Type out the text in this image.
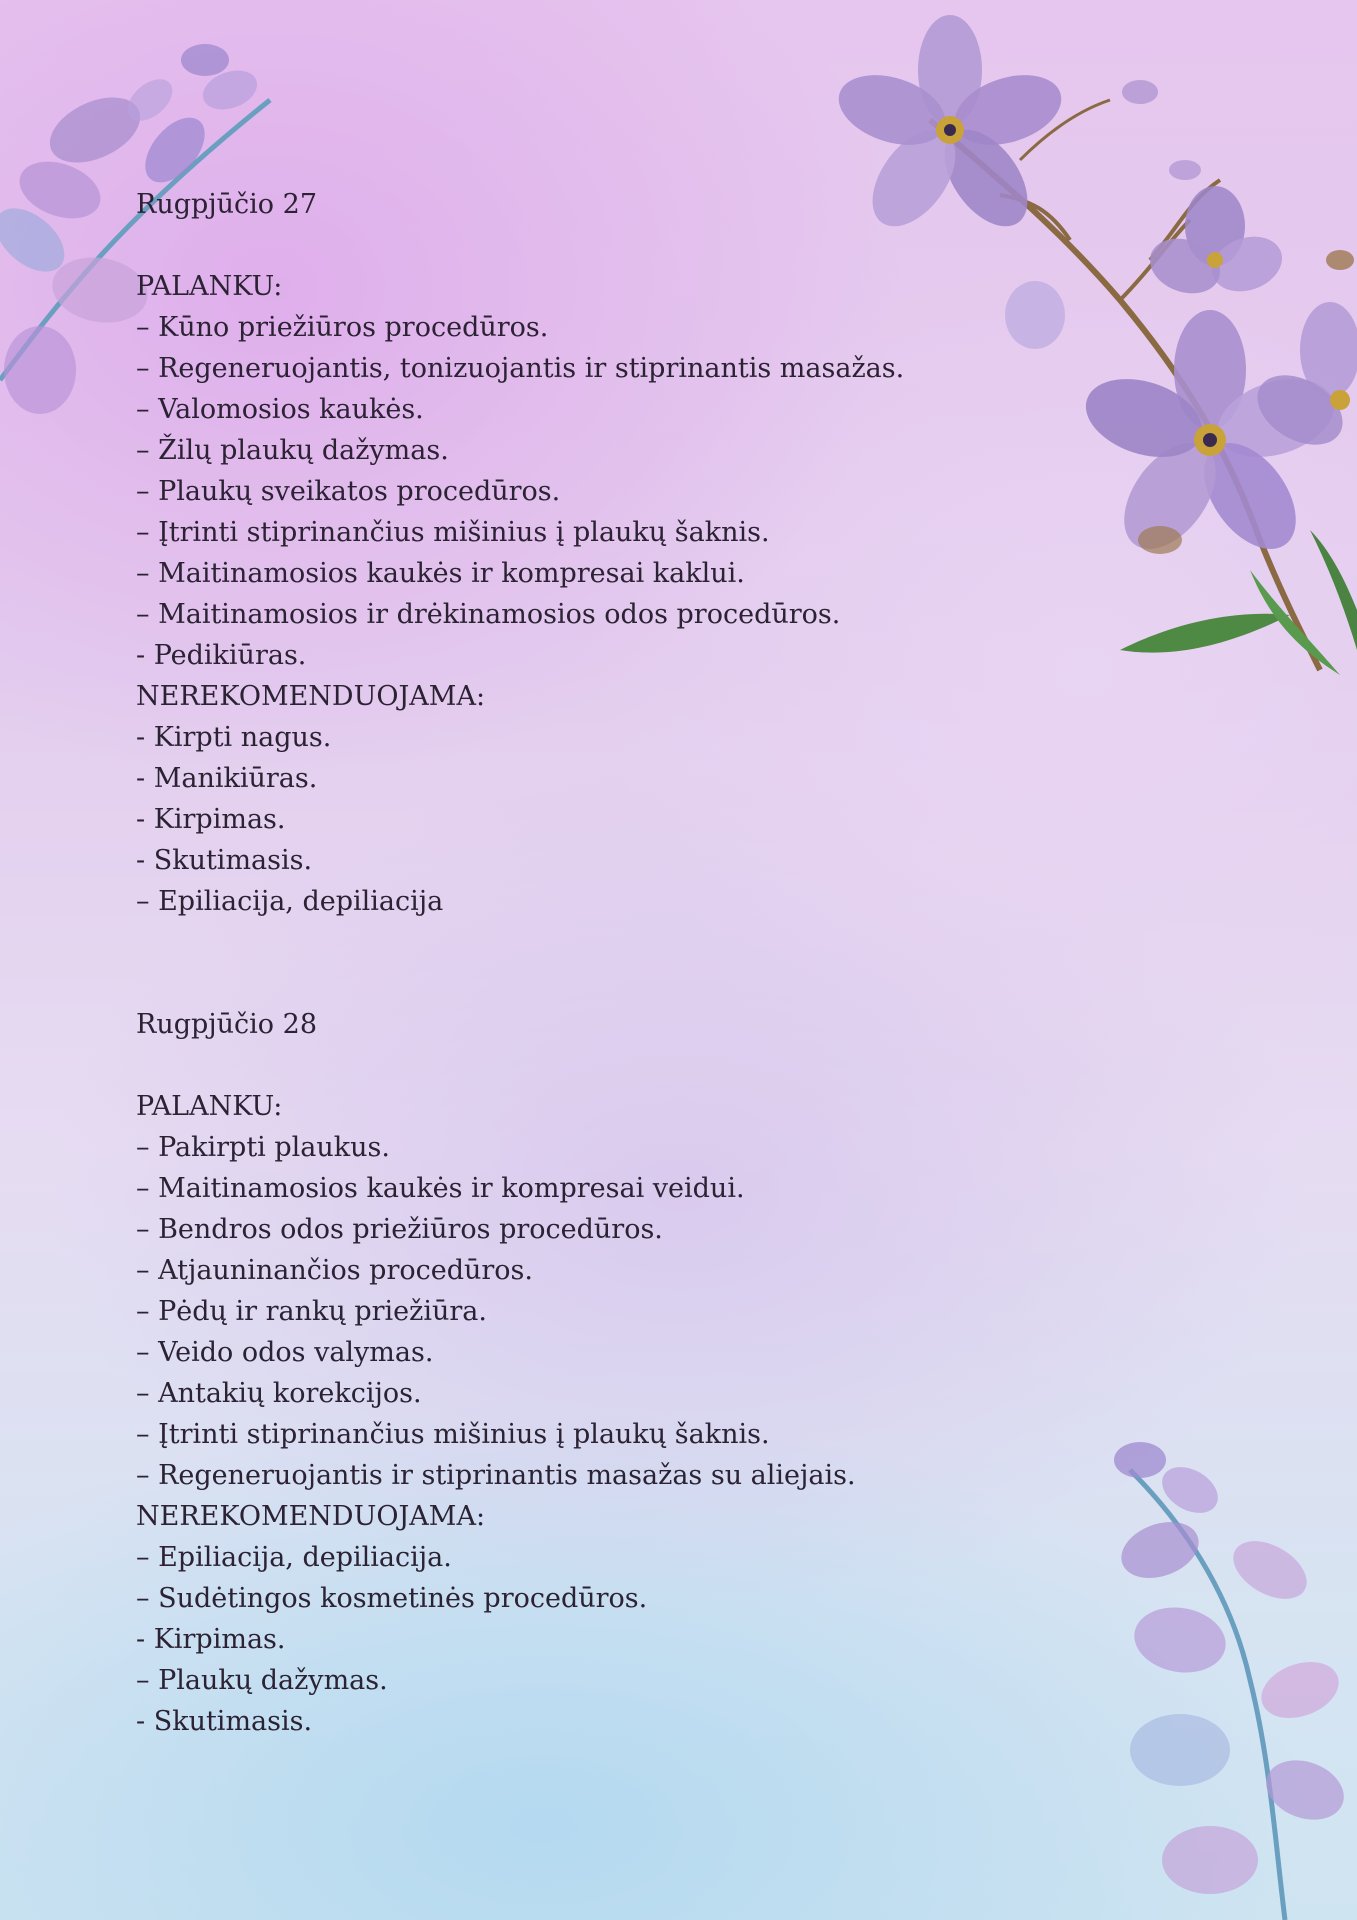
Rugpjūčio 27
PALANKU:
– Kūno priežiūros procedūros.
– Regeneruojantis, tonizuojantis ir stiprinantis masažas.
– Valomosios kaukės.
– Žilų plaukų dažymas.
– Plaukų sveikatos procedūros.
– Įtrinti stiprinančius mišinius į plaukų šaknis.
– Maitinamosios kaukės ir kompresai kaklui.
– Maitinamosios ir drėkinamosios odos procedūros.
- Pedikiūras.
NEREKOMENDUOJAMA:
- Kirpti nagus.
- Manikiūras.
- Kirpimas.
- Skutimasis.
– Epiliacija, depiliacija
Rugpjūčio 28
PALANKU:
– Pakirpti plaukus.
– Maitinamosios kaukės ir kompresai veidui.
– Bendros odos priežiūros procedūros.
– Atjauninančios procedūros.
– Pėdų ir rankų priežiūra.
– Veido odos valymas.
– Antakių korekcijos.
– Įtrinti stiprinančius mišinius į plaukų šaknis.
– Regeneruojantis ir stiprinantis masažas su aliejais.
NEREKOMENDUOJAMA:
– Epiliacija, depiliacija.
– Sudėtingos kosmetinės procedūros.
- Kirpimas.
– Plaukų dažymas.
- Skutimasis.
